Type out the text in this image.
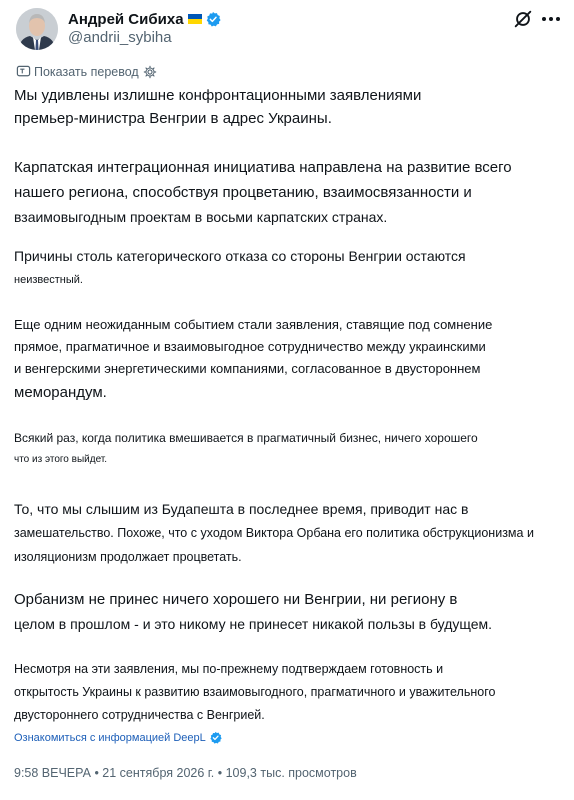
Андрей Сибиха
@andrii_sybiha
Показать перевод

Мы удивлены излишне конфронтационными заявлениями
премьер-министра Венгрии в адрес Украины.

Карпатская интеграционная инициатива направлена на развитие всего
нашего региона, способствуя процветанию, взаимосвязанности и
взаимовыгодным проектам в восьми карпатских странах.

Причины столь категорического отказа со стороны Венгрии остаются
неизвестный.

Еще одним неожиданным событием стали заявления, ставящие под сомнение
прямое, прагматичное и взаимовыгодное сотрудничество между украинскими
и венгерскими энергетическими компаниями, согласованное в двустороннем
меморандум.

Всякий раз, когда политика вмешивается в прагматичный бизнес, ничего хорошего
что из этого выйдет.

То, что мы слышим из Будапешта в последнее время, приводит нас в
замешательство. Похоже, что с уходом Виктора Орбана его политика обструкционизма и
изоляционизм продолжает процветать.

Орбанизм не принес ничего хорошего ни Венгрии, ни региону в
целом в прошлом - и это никому не принесет никакой пользы в будущем.

Несмотря на эти заявления, мы по-прежнему подтверждаем готовность и
открытость Украины к развитию взаимовыгодного, прагматичного и уважительного
двустороннего сотрудничества с Венгрией.

Ознакомиться с информацией DeepL
9:58 ВЕЧЕРА • 21 сентября 2026 г. • 109,3 тыс. просмотров
